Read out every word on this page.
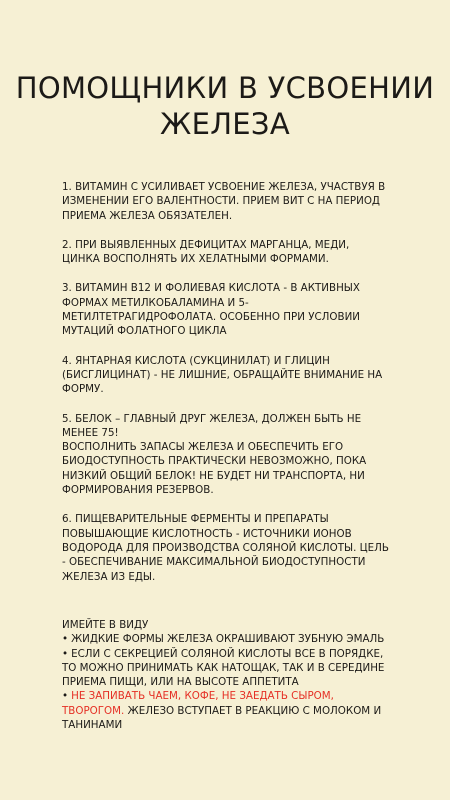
ПОМОЩНИКИ В УСВОЕНИИ
ЖЕЛЕЗА

1. ВИТАМИН С УСИЛИВАЕТ УСВОЕНИЕ ЖЕЛЕЗА, УЧАСТВУЯ В
ИЗМЕНЕНИИ ЕГО ВАЛЕНТНОСТИ. ПРИЕМ ВИТ С НА ПЕРИОД
ПРИЕМА ЖЕЛЕЗА ОБЯЗАТЕЛЕН.

2. ПРИ ВЫЯВЛЕННЫХ ДЕФИЦИТАХ МАРГАНЦА, МЕДИ,
ЦИНКА ВОСПОЛНЯТЬ ИХ ХЕЛАТНЫМИ ФОРМАМИ.

3. ВИТАМИН В12 И ФОЛИЕВАЯ КИСЛОТА - В АКТИВНЫХ
ФОРМАХ МЕТИЛКОБАЛАМИНА И 5-
МЕТИЛТЕТРАГИДРОФОЛАТА. ОСОБЕННО ПРИ УСЛОВИИ
МУТАЦИЙ ФОЛАТНОГО ЦИКЛА

4. ЯНТАРНАЯ КИСЛОТА (СУКЦИНИЛАТ) И ГЛИЦИН
(БИСГЛИЦИНАТ) - НЕ ЛИШНИЕ, ОБРАЩАЙТЕ ВНИМАНИЕ НА
ФОРМУ.

5. БЕЛОК – ГЛАВНЫЙ ДРУГ ЖЕЛЕЗА, ДОЛЖЕН БЫТЬ НЕ
МЕНЕЕ 75!
ВОСПОЛНИТЬ ЗАПАСЫ ЖЕЛЕЗА И ОБЕСПЕЧИТЬ ЕГО
БИОДОСТУПНОСТЬ ПРАКТИЧЕСКИ НЕВОЗМОЖНО, ПОКА
НИЗКИЙ ОБЩИЙ БЕЛОК! НЕ БУДЕТ НИ ТРАНСПОРТА, НИ
ФОРМИРОВАНИЯ РЕЗЕРВОВ.

6. ПИЩЕВАРИТЕЛЬНЫЕ ФЕРМЕНТЫ И ПРЕПАРАТЫ
ПОВЫШАЮЩИЕ КИСЛОТНОСТЬ - ИСТОЧНИКИ ИОНОВ
ВОДОРОДА ДЛЯ ПРОИЗВОДСТВА СОЛЯНОЙ КИСЛОТЫ. ЦЕЛЬ
- ОБЕСПЕЧИВАНИЕ МАКСИМАЛЬНОЙ БИОДОСТУПНОСТИ
ЖЕЛЕЗА ИЗ ЕДЫ.

ИМЕЙТЕ В ВИДУ

• ЖИДКИЕ ФОРМЫ ЖЕЛЕЗА ОКРАШИВАЮТ ЗУБНУЮ ЭМАЛЬ

• ЕСЛИ С СЕКРЕЦИЕЙ СОЛЯНОЙ КИСЛОТЫ ВСЕ В ПОРЯДКЕ,
ТО МОЖНО ПРИНИМАТЬ КАК НАТОЩАК, ТАК И В СЕРЕДИНЕ
ПРИЕМА ПИЩИ, ИЛИ НА ВЫСОТЕ АППЕТИТА

• НЕ ЗАПИВАТЬ ЧАЕМ, КОФЕ, НЕ ЗАЕДАТЬ СЫРОМ,
ТВОРОГОМ. ЖЕЛЕЗО ВСТУПАЕТ В РЕАКЦИЮ С МОЛОКОМ И
ТАНИНАМИ
